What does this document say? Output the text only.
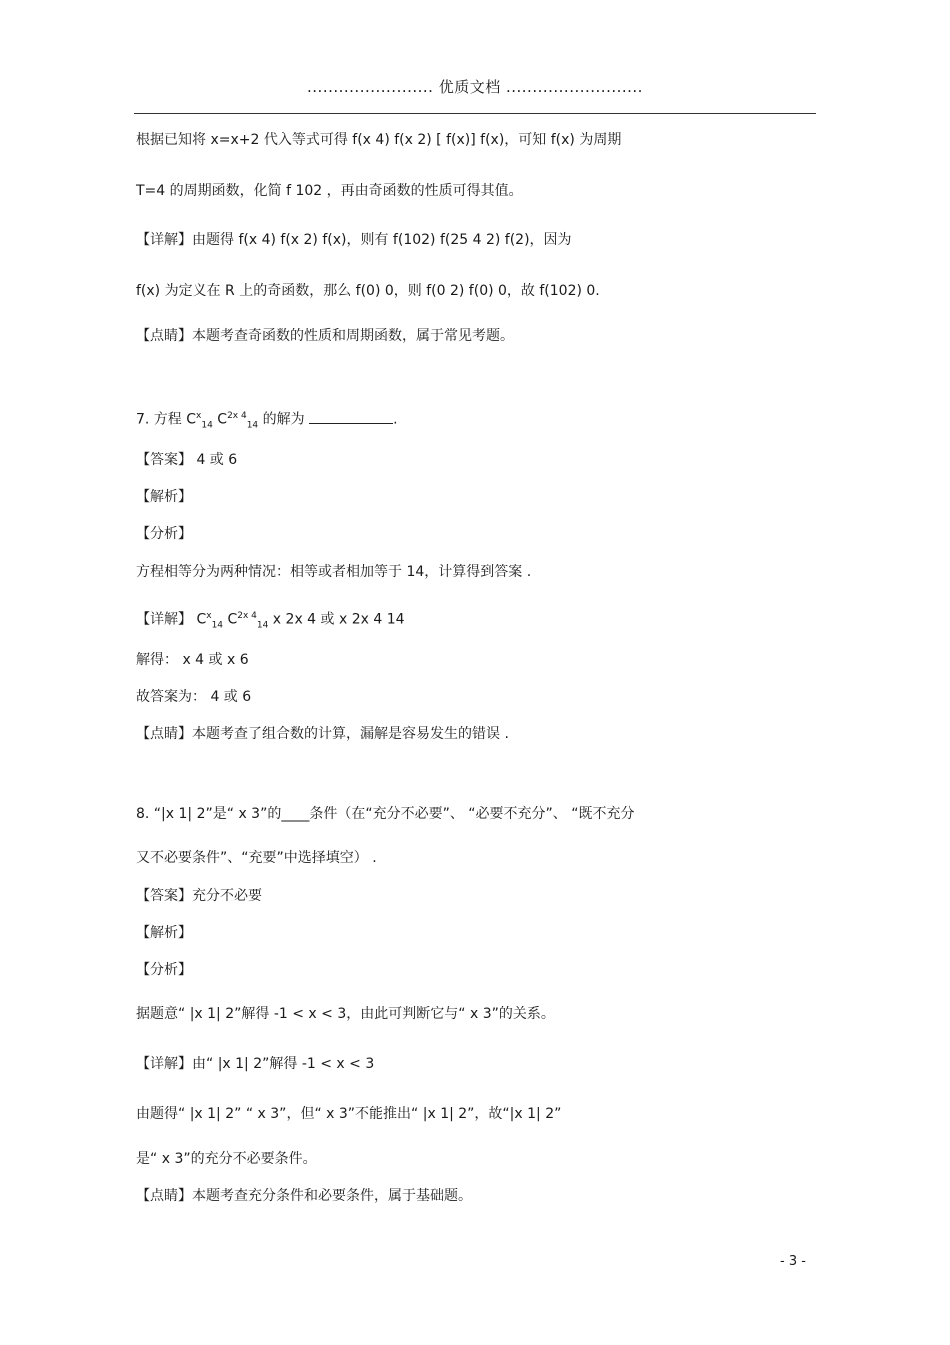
........................ 优质文档 ..........................
根据已知将 x=x+2 代入等式可得 f(x 4) f(x 2) [ f(x)] f(x)，可知 f(x) 为周期
T=4 的周期函数，化简 f 102 ，再由奇函数的性质可得其值。
【详解】由题得 f(x 4) f(x 2) f(x)，则有 f(102) f(25 4 2) f(2)，因为
f(x) 为定义在 R 上的奇函数，那么 f(0) 0，则 f(0 2) f(0) 0，故 f(102) 0.
【点睛】本题考查奇函数的性质和周期函数，属于常见考题。
7. 方程 $C^x_{14}$ $C^{2x 4}_{14}$ 的解为	.
【答案】 4 或 6
【解析】
【分析】
方程相等分为两种情况：相等或者相加等于 14，计算得到答案 .
【详解】 $C^x_{14}$ $C^{2x 4}_{14}$ x 2x 4 或 x 2x 4 14
解得： x 4 或 x 6
故答案为： 4 或 6
【点睛】本题考查了组合数的计算，漏解是容易发生的错误 .
8. “|x 1| 2”是“ x 3”的____条件（在“充分不必要”、 “必要不充分”、 “既不充分
又不必要条件”、“充要”中选择填空） .
【答案】充分不必要
【解析】
【分析】
据题意“ |x 1| 2”解得 -1 < x < 3，由此可判断它与“ x 3”的关系。
【详解】由“ |x 1| 2”解得 -1 < x < 3
由题得“ |x 1| 2” “ x 3”，但“ x 3”不能推出“ |x 1| 2”，故“|x 1| 2”
是“ x 3”的充分不必要条件。
【点睛】本题考查充分条件和必要条件，属于基础题。
- 3 -
